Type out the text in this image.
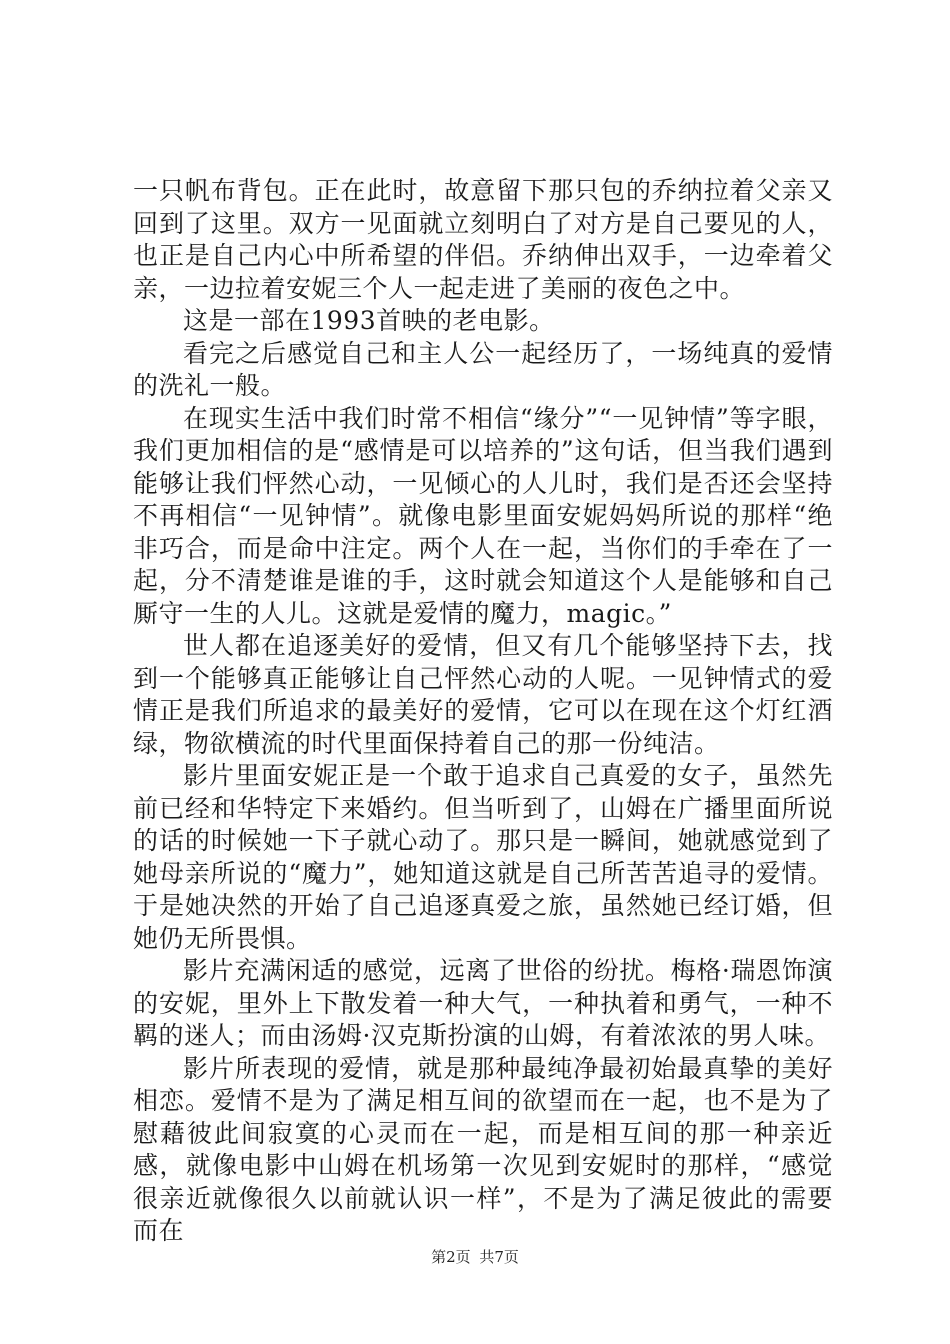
一只帆布背包。正在此时，故意留下那只包的乔纳拉着父亲又回到了这里。双方一见面就立刻明白了对方是自己要见的人，也正是自己内心中所希望的伴侣。乔纳伸出双手，一边牵着父亲，一边拉着安妮三个人一起走进了美丽的夜色之中。

这是一部在1993首映的老电影。

看完之后感觉自己和主人公一起经历了，一场纯真的爱情的洗礼一般。

在现实生活中我们时常不相信“缘分”“一见钟情”等字眼，我们更加相信的是“感情是可以培养的”这句话，但当我们遇到能够让我们怦然心动，一见倾心的人儿时，我们是否还会坚持不再相信“一见钟情”。就像电影里面安妮妈妈所说的那样“绝非巧合，而是命中注定。两个人在一起，当你们的手牵在了一起，分不清楚谁是谁的手，这时就会知道这个人是能够和自己厮守一生的人儿。这就是爱情的魔力，magic。”

世人都在追逐美好的爱情，但又有几个能够坚持下去，找到一个能够真正能够让自己怦然心动的人呢。一见钟情式的爱情正是我们所追求的最美好的爱情，它可以在现在这个灯红酒绿，物欲横流的时代里面保持着自己的那一份纯洁。

影片里面安妮正是一个敢于追求自己真爱的女子，虽然先前已经和华特定下来婚约。但当听到了，山姆在广播里面所说的话的时候她一下子就心动了。那只是一瞬间，她就感觉到了她母亲所说的“魔力”，她知道这就是自己所苦苦追寻的爱情。于是她决然的开始了自己追逐真爱之旅，虽然她已经订婚，但她仍无所畏惧。

影片充满闲适的感觉，远离了世俗的纷扰。梅格·瑞恩饰演的安妮，里外上下散发着一种大气，一种执着和勇气，一种不羁的迷人；而由汤姆·汉克斯扮演的山姆，有着浓浓的男人味。

影片所表现的爱情，就是那种最纯净最初始最真挚的美好相恋。爱情不是为了满足相互间的欲望而在一起，也不是为了慰藉彼此间寂寞的心灵而在一起，而是相互间的那一种亲近感，就像电影中山姆在机场第一次见到安妮时的那样，“感觉很亲近就像很久以前就认识一样”，不是为了满足彼此的需要而在

第2页 共7页
